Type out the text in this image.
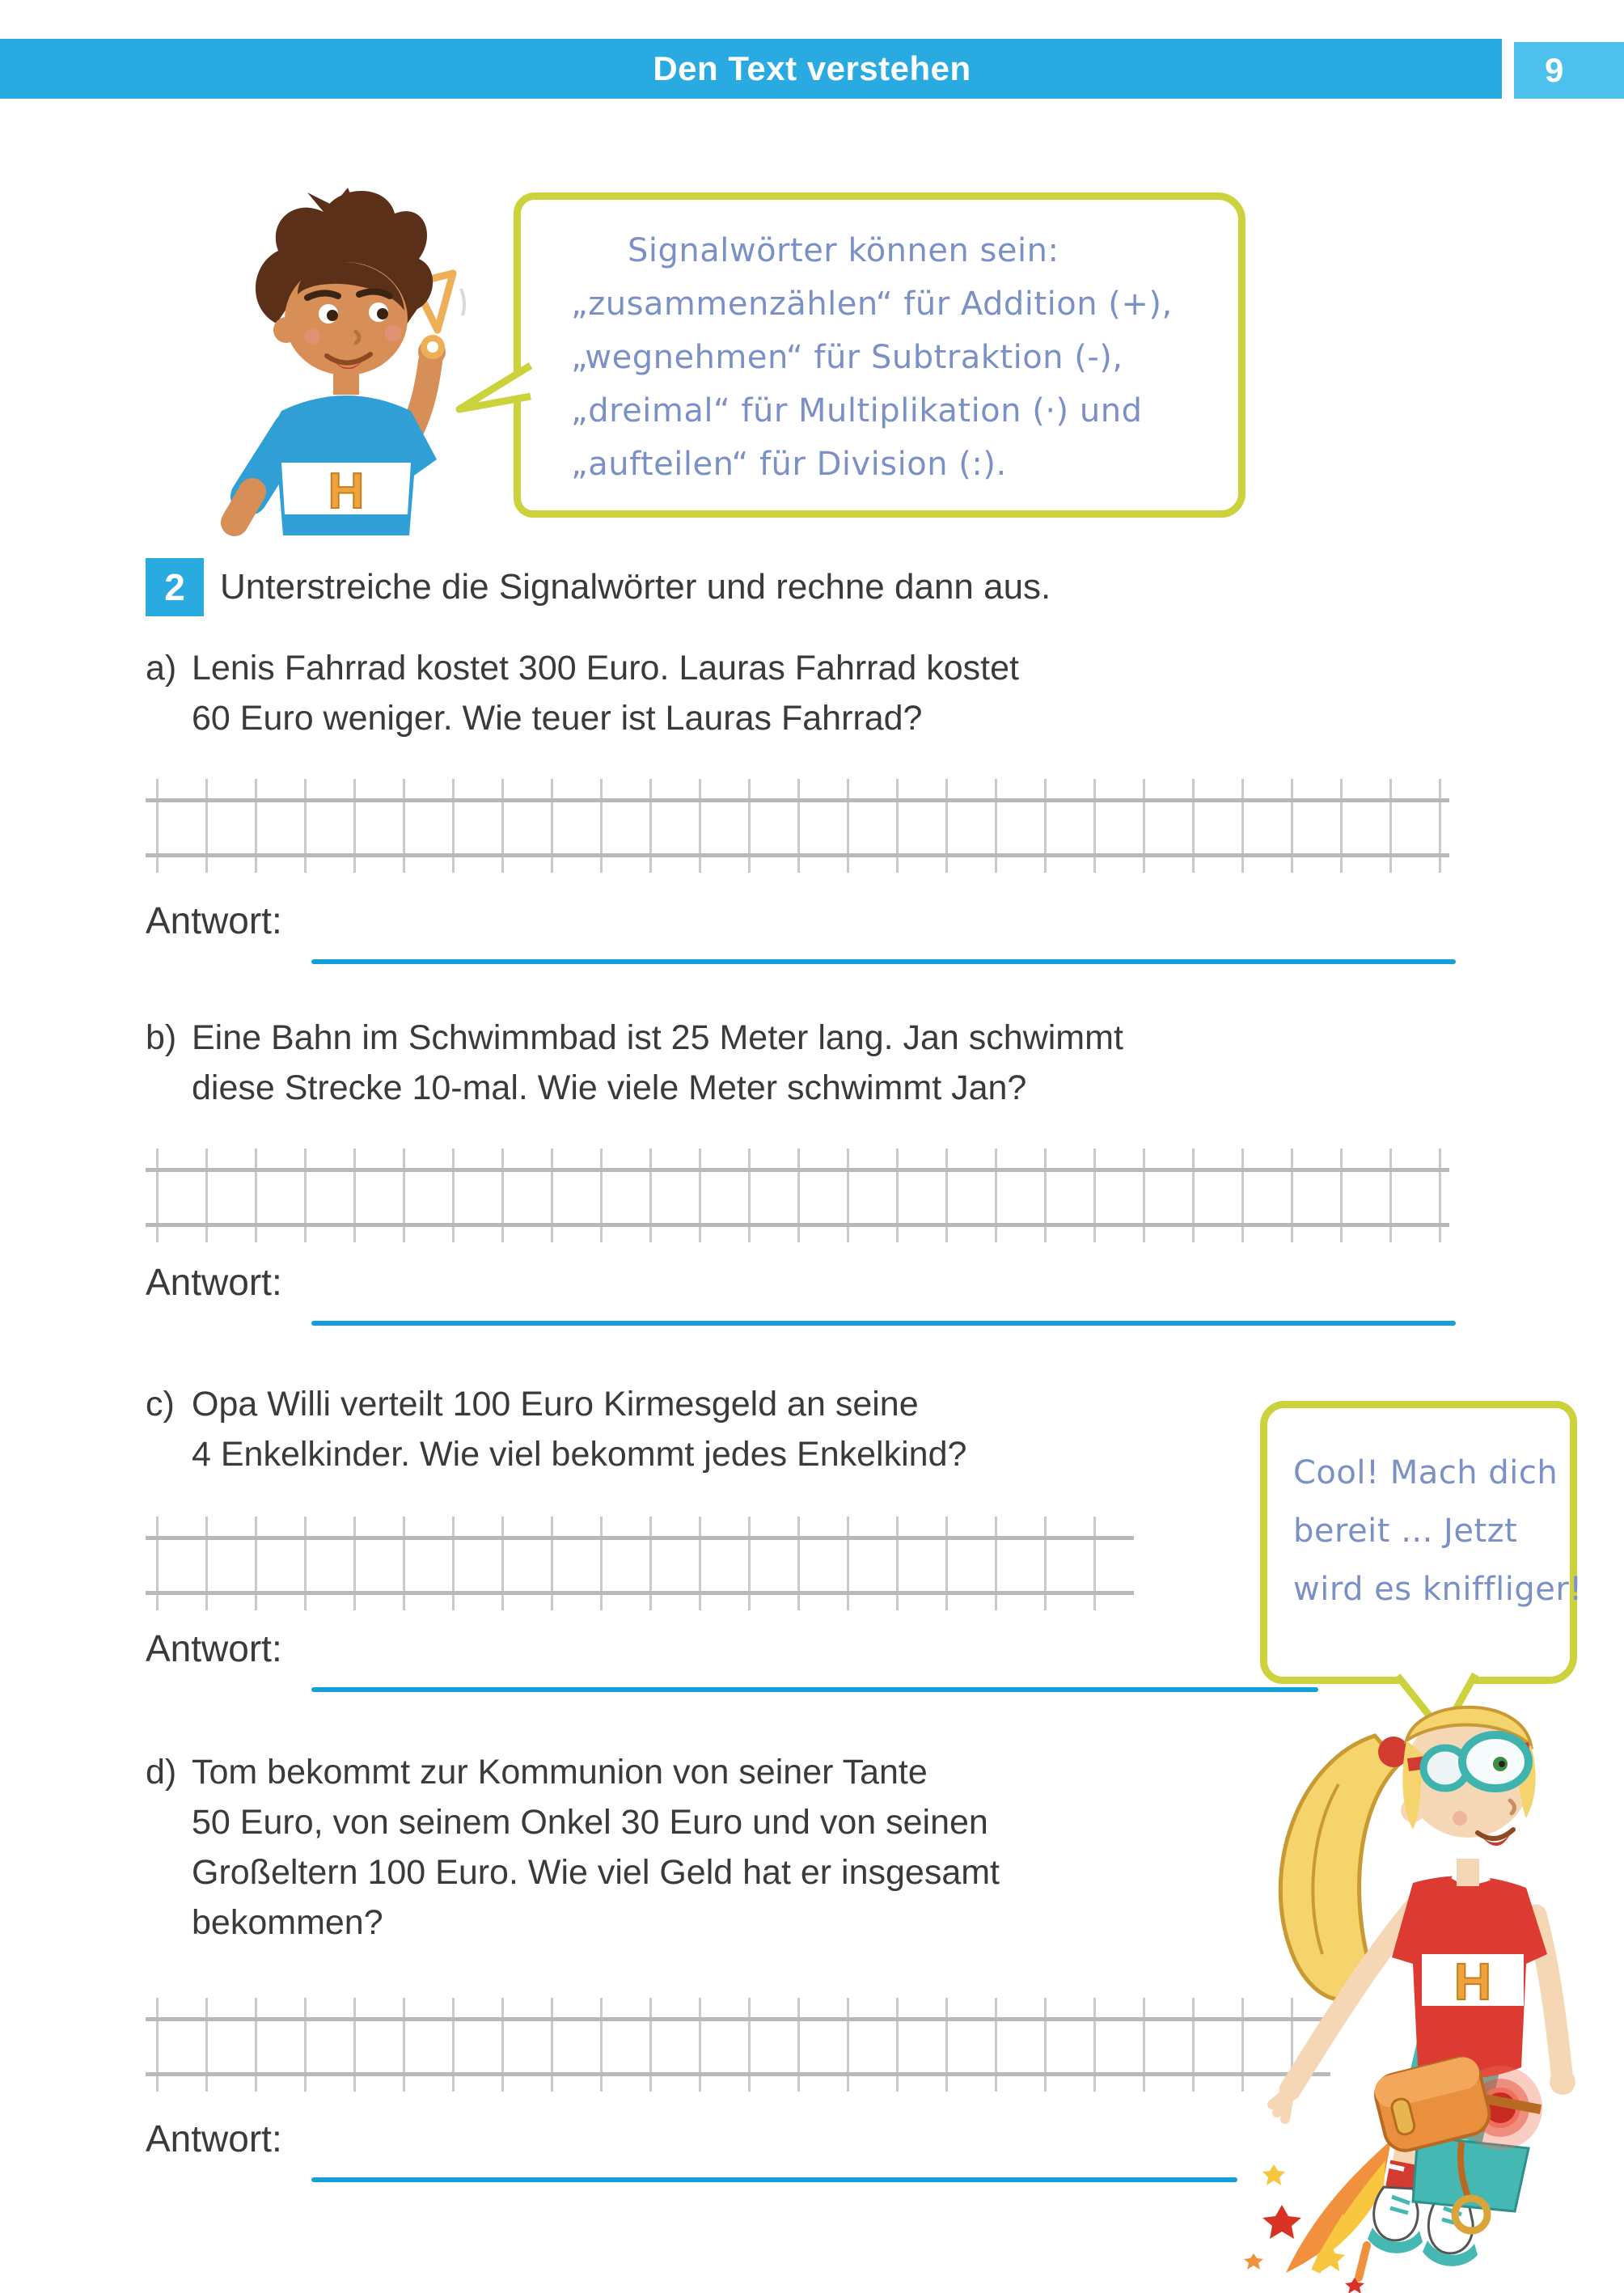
Den Text verstehen	9
H
Signalwörter können sein:
„zusammenzählen“ für Addition (+),
„wegnehmen“ für Subtraktion (-),
„dreimal“ für Multiplikation (·) und
„aufteilen“ für Division (:).
2 Unterstreiche die Signalwörter und rechne dann aus.
a) Lenis Fahrrad kostet 300 Euro. Lauras Fahrrad kostet
60 Euro weniger. Wie teuer ist Lauras Fahrrad?
Antwort:
b) Eine Bahn im Schwimmbad ist 25 Meter lang. Jan schwimmt
diese Strecke 10-mal. Wie viele Meter schwimmt Jan?
Antwort:
c) Opa Willi verteilt 100 Euro Kirmesgeld an seine
4 Enkelkinder. Wie viel bekommt jedes Enkelkind?
Antwort:
d) Tom bekommt zur Kommunion von seiner Tante
50 Euro, von seinem Onkel 30 Euro und von seinen
Großeltern 100 Euro. Wie viel Geld hat er insgesamt
bekommen?
Antwort:
Cool! Mach dich
bereit ... Jetzt
wird es kniffliger!
H
